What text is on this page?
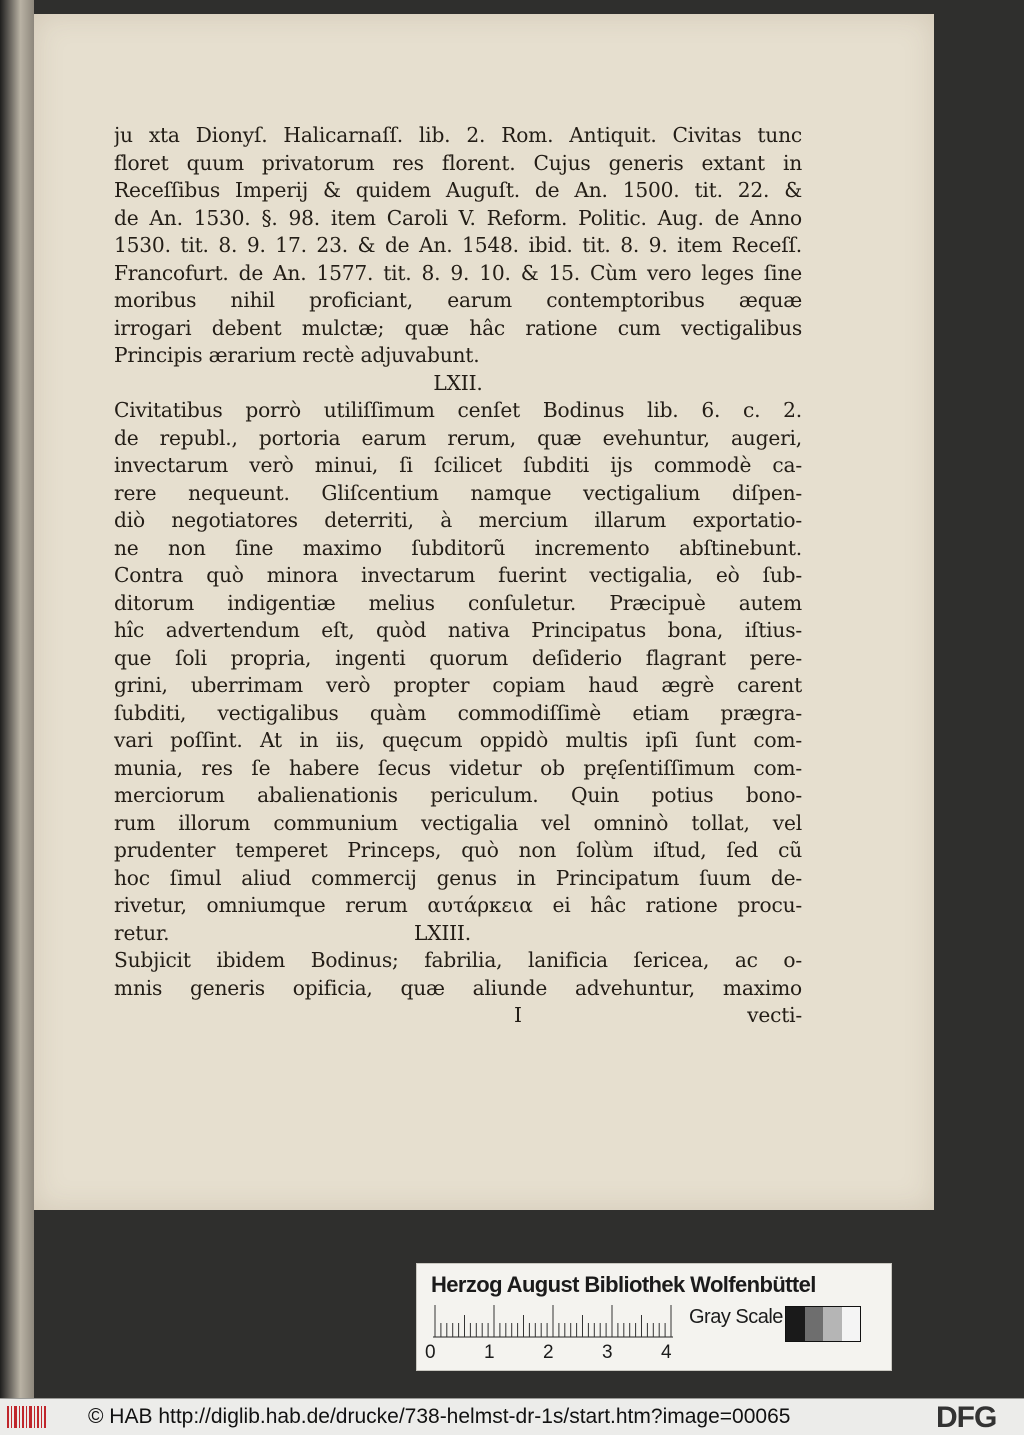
ju xta Dionyſ. Halicarnaſſ. lib. 2. Rom. Antiquit. Civitas tunc
floret quum privatorum res florent. Cujus generis extant in
Receſſibus Imperij & quidem Auguſt. de An. 1500. tit. 22. &
de An. 1530. §. 98. item Caroli V. Reform. Politic. Aug. de Anno
1530. tit. 8. 9. 17. 23. & de An. 1548. ibid. tit. 8. 9. item Receſſ.
Francofurt. de An. 1577. tit. 8. 9. 10. & 15. Cùm vero leges ſine
moribus nihil proficiant, earum contemptoribus æquæ
irrogari debent mulctæ; quæ hâc ratione cum vectigalibus
Principis ærarium rectè adjuvabunt.
LXII.
Civitatibus porrò utiliſſimum cenſet Bodinus lib. 6. c. 2.
de republ., portoria earum rerum, quæ evehuntur, augeri,
invectarum verò minui, ſi ſcilicet ſubditi ijs commodè ca-
rere nequeunt. Gliſcentium namque vectigalium diſpen-
diò negotiatores deterriti, à mercium illarum exportatio-
ne non ſine maximo ſubditorũ incremento abſtinebunt.
Contra quò minora invectarum fuerint vectigalia, eò ſub-
ditorum indigentiæ melius conſuletur. Præcipuè autem
hîc advertendum eſt, quòd nativa Principatus bona, iſtius-
que ſoli propria, ingenti quorum deſiderio flagrant pere-
grini, uberrimam verò propter copiam haud ægrè carent
ſubditi, vectigalibus quàm commodiſſimè etiam prægra-
vari poſſint. At in iis, quęcum oppidò multis ipſi ſunt com-
munia, res ſe habere ſecus videtur ob pręſentiſſimum com-
merciorum abalienationis periculum. Quin potius bono-
rum illorum communium vectigalia vel omninò tollat, vel
prudenter temperet Princeps, quò non ſolùm iſtud, ſed cũ
hoc ſimul aliud commercij genus in Principatum ſuum de-
rivetur, omniumque rerum αυτάρκεια ei hâc ratione procu-
retur.	LXIII.
Subjicit ibidem Bodinus; fabrilia, lanificia ſericea, ac o-
mnis generis opificia, quæ aliunde advehuntur, maximo
I	vecti-
Herzog August Bibliothek Wolfenbüttel
0	1	2	3	4
Gray Scale
© HAB http://diglib.hab.de/drucke/738-helmst-dr-1s/start.htm?image=00065	DFG
